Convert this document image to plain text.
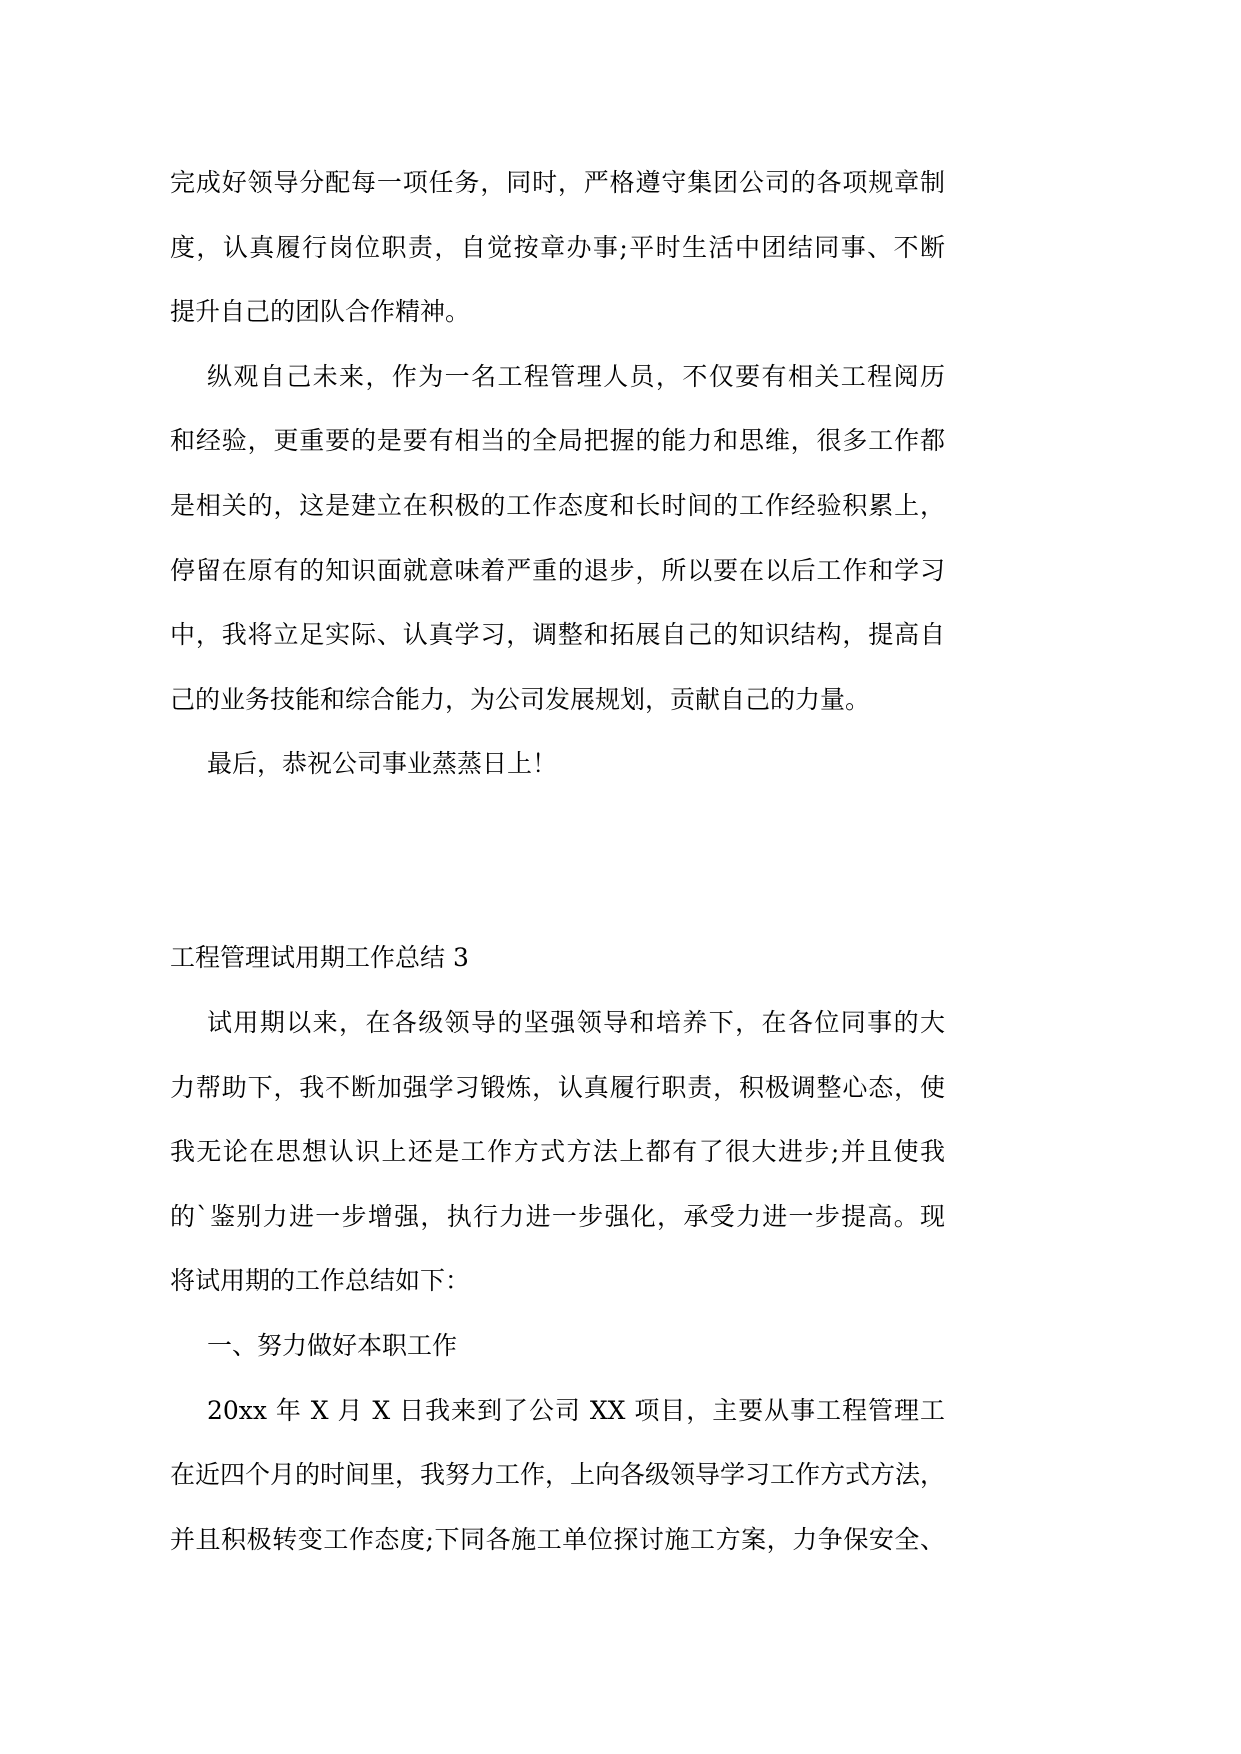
完成好领导分配每一项任务，同时，严格遵守集团公司的各项规章制
度，认真履行岗位职责，自觉按章办事;平时生活中团结同事、不断
提升自己的团队合作精神。
纵观自己未来，作为一名工程管理人员，不仅要有相关工程阅历
和经验，更重要的是要有相当的全局把握的能力和思维，很多工作都
是相关的，这是建立在积极的工作态度和长时间的工作经验积累上，
停留在原有的知识面就意味着严重的退步，所以要在以后工作和学习
中，我将立足实际、认真学习，调整和拓展自己的知识结构，提高自
己的业务技能和综合能力，为公司发展规划，贡献自己的力量。
最后，恭祝公司事业蒸蒸日上！
工程管理试用期工作总结 3
试用期以来，在各级领导的坚强领导和培养下，在各位同事的大
力帮助下，我不断加强学习锻炼，认真履行职责，积极调整心态，使
我无论在思想认识上还是工作方式方法上都有了很大进步;并且使我
的`鉴别力进一步增强，执行力进一步强化，承受力进一步提高。现
将试用期的工作总结如下：
一、努力做好本职工作
20xx 年 X 月 X 日我来到了公司 XX 项目，主要从事工程管理工
在近四个月的时间里，我努力工作，上向各级领导学习工作方式方法，
并且积极转变工作态度;下同各施工单位探讨施工方案，力争保安全、
